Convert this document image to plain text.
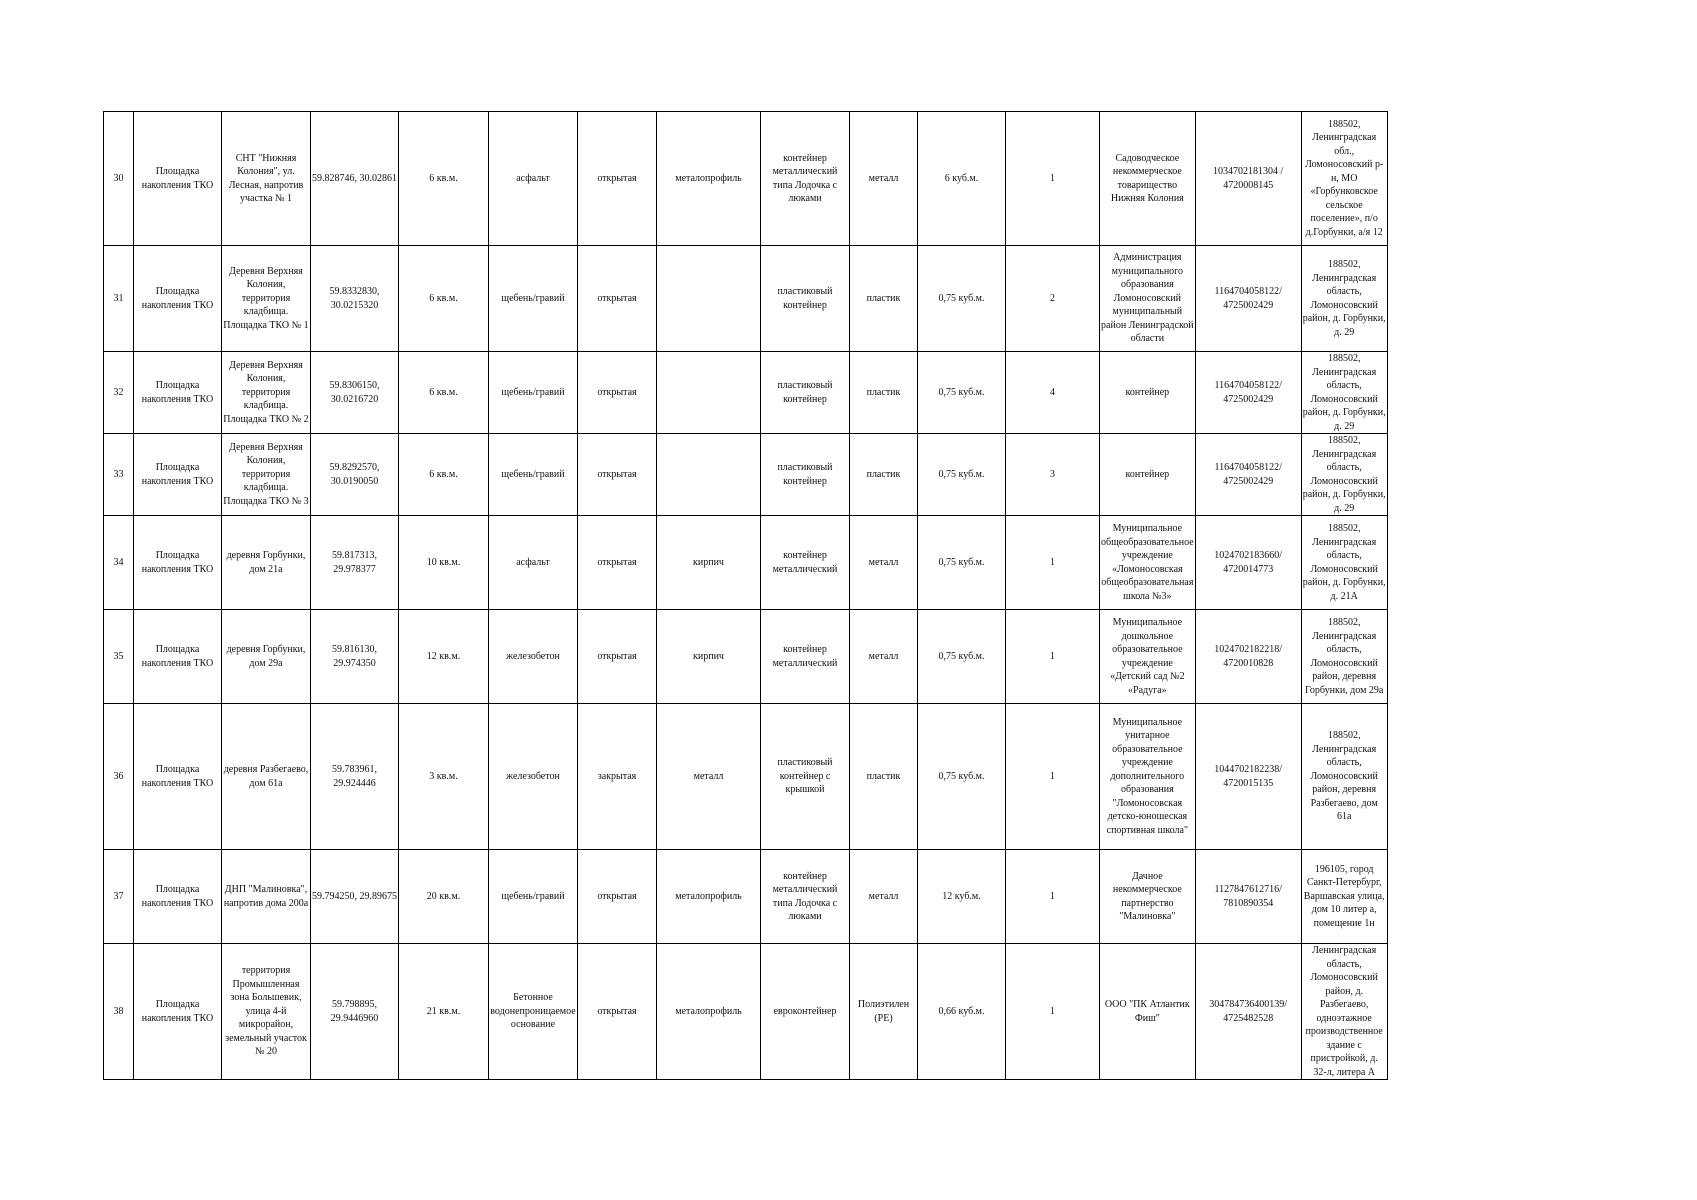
30	Площадка накопления ТКО	СНТ "Нижняя Колония", ул. Лесная, напротив участка № 1	59.828746, 30.02861	6 кв.м.	асфальт	открытая	металопрофиль	контейнер металлический типа Лодочка с люками	металл	6 куб.м.	1	Садоводческое некоммерческое товарищество Нижняя Колония	1034702181304 / 4720008145	188502, Ленинградская обл., Ломоносовский р-н, МО «Горбунковское сельское поселение», п/о д.Горбунки, а/я 12
31	Площадка накопления ТКО	Деревня Верхняя Колония, территория кладбища. Площадка ТКО № 1	59.8332830, 30.0215320	6 кв.м.	щебень/гравий	открытая		пластиковый контейнер	пластик	0,75 куб.м.	2	Администрация муниципального образования Ломоносовский муниципальный район Ленинградской области	1164704058122/ 4725002429	188502, Ленинградская область, Ломоносовский район, д. Горбунки, д. 29
32	Площадка накопления ТКО	Деревня Верхняя Колония, территория кладбища. Площадка ТКО № 2	59.8306150, 30.0216720	6 кв.м.	щебень/гравий	открытая		пластиковый контейнер	пластик	0,75 куб.м.	4	контейнер	1164704058122/ 4725002429	188502, Ленинградская область, Ломоносовский район, д. Горбунки, д. 29
33	Площадка накопления ТКО	Деревня Верхняя Колония, территория кладбища. Площадка ТКО № 3	59.8292570, 30.0190050	6 кв.м.	щебень/гравий	открытая		пластиковый контейнер	пластик	0,75 куб.м.	3	контейнер	1164704058122/ 4725002429	188502, Ленинградская область, Ломоносовский район, д. Горбунки, д. 29
34	Площадка накопления ТКО	деревня Горбунки, дом 21а	59.817313, 29.978377	10 кв.м.	асфальт	открытая	кирпич	контейнер металлический	металл	0,75 куб.м.	1	Муниципальное общеобразовательное учреждение «Ломоносовская общеобразовательная школа №3»	1024702183660/ 4720014773	188502, Ленинградская область, Ломоносовский район, д. Горбунки, д. 21А
35	Площадка накопления ТКО	деревня Горбунки, дом 29а	59.816130, 29.974350	12 кв.м.	железобетон	открытая	кирпич	контейнер металлический	металл	0,75 куб.м.	1	Муниципальное дошкольное образовательное учреждение «Детский сад №2 «Радуга»	1024702182218/ 4720010828	188502, Ленинградская область, Ломоносовский район, деревня Горбунки, дом 29а
36	Площадка накопления ТКО	деревня Разбегаево, дом 61а	59.783961, 29.924446	3 кв.м.	железобетон	закрытая	металл	пластиковый контейнер с крышкой	пластик	0,75 куб.м.	1	Муниципальное унитарное образовательное учреждение дополнительного образования "Ломоносовская детско-юношеская спортивная школа"	1044702182238/ 4720015135	188502, Ленинградская область, Ломоносовский район, деревня Разбегаево, дом 61а
37	Площадка накопления ТКО	ДНП "Малиновка", напротив дома 200а	59.794250, 29.89675	20 кв.м.	щебень/гравий	открытая	металопрофиль	контейнер металлический типа Лодочка с люками	металл	12 куб.м.	1	Дачное некоммерческое партнерство "Малиновка"	1127847612716/ 7810890354	196105, город Санкт-Петербург, Варшавская улица, дом 10 литер а, помещение 1н
38	Площадка накопления ТКО	территория Промышленная зона Большевик, улица 4-й микрорайон, земельный участок № 20	59.798895, 29.9446960	21 кв.м.	Бетонное водонепроницаемое основание	открытая	металопрофиль	евроконтейнер	Полиэтилен (PE)	0,66 куб.м.	1	ООО "ПК Атлантик Фиш"	304784736400139/ 4725482528	Ленинградская область, Ломоносовский район, д. Разбегаево, одноэтажное производственное здание с пристройкой, д. 32-л, литера А
